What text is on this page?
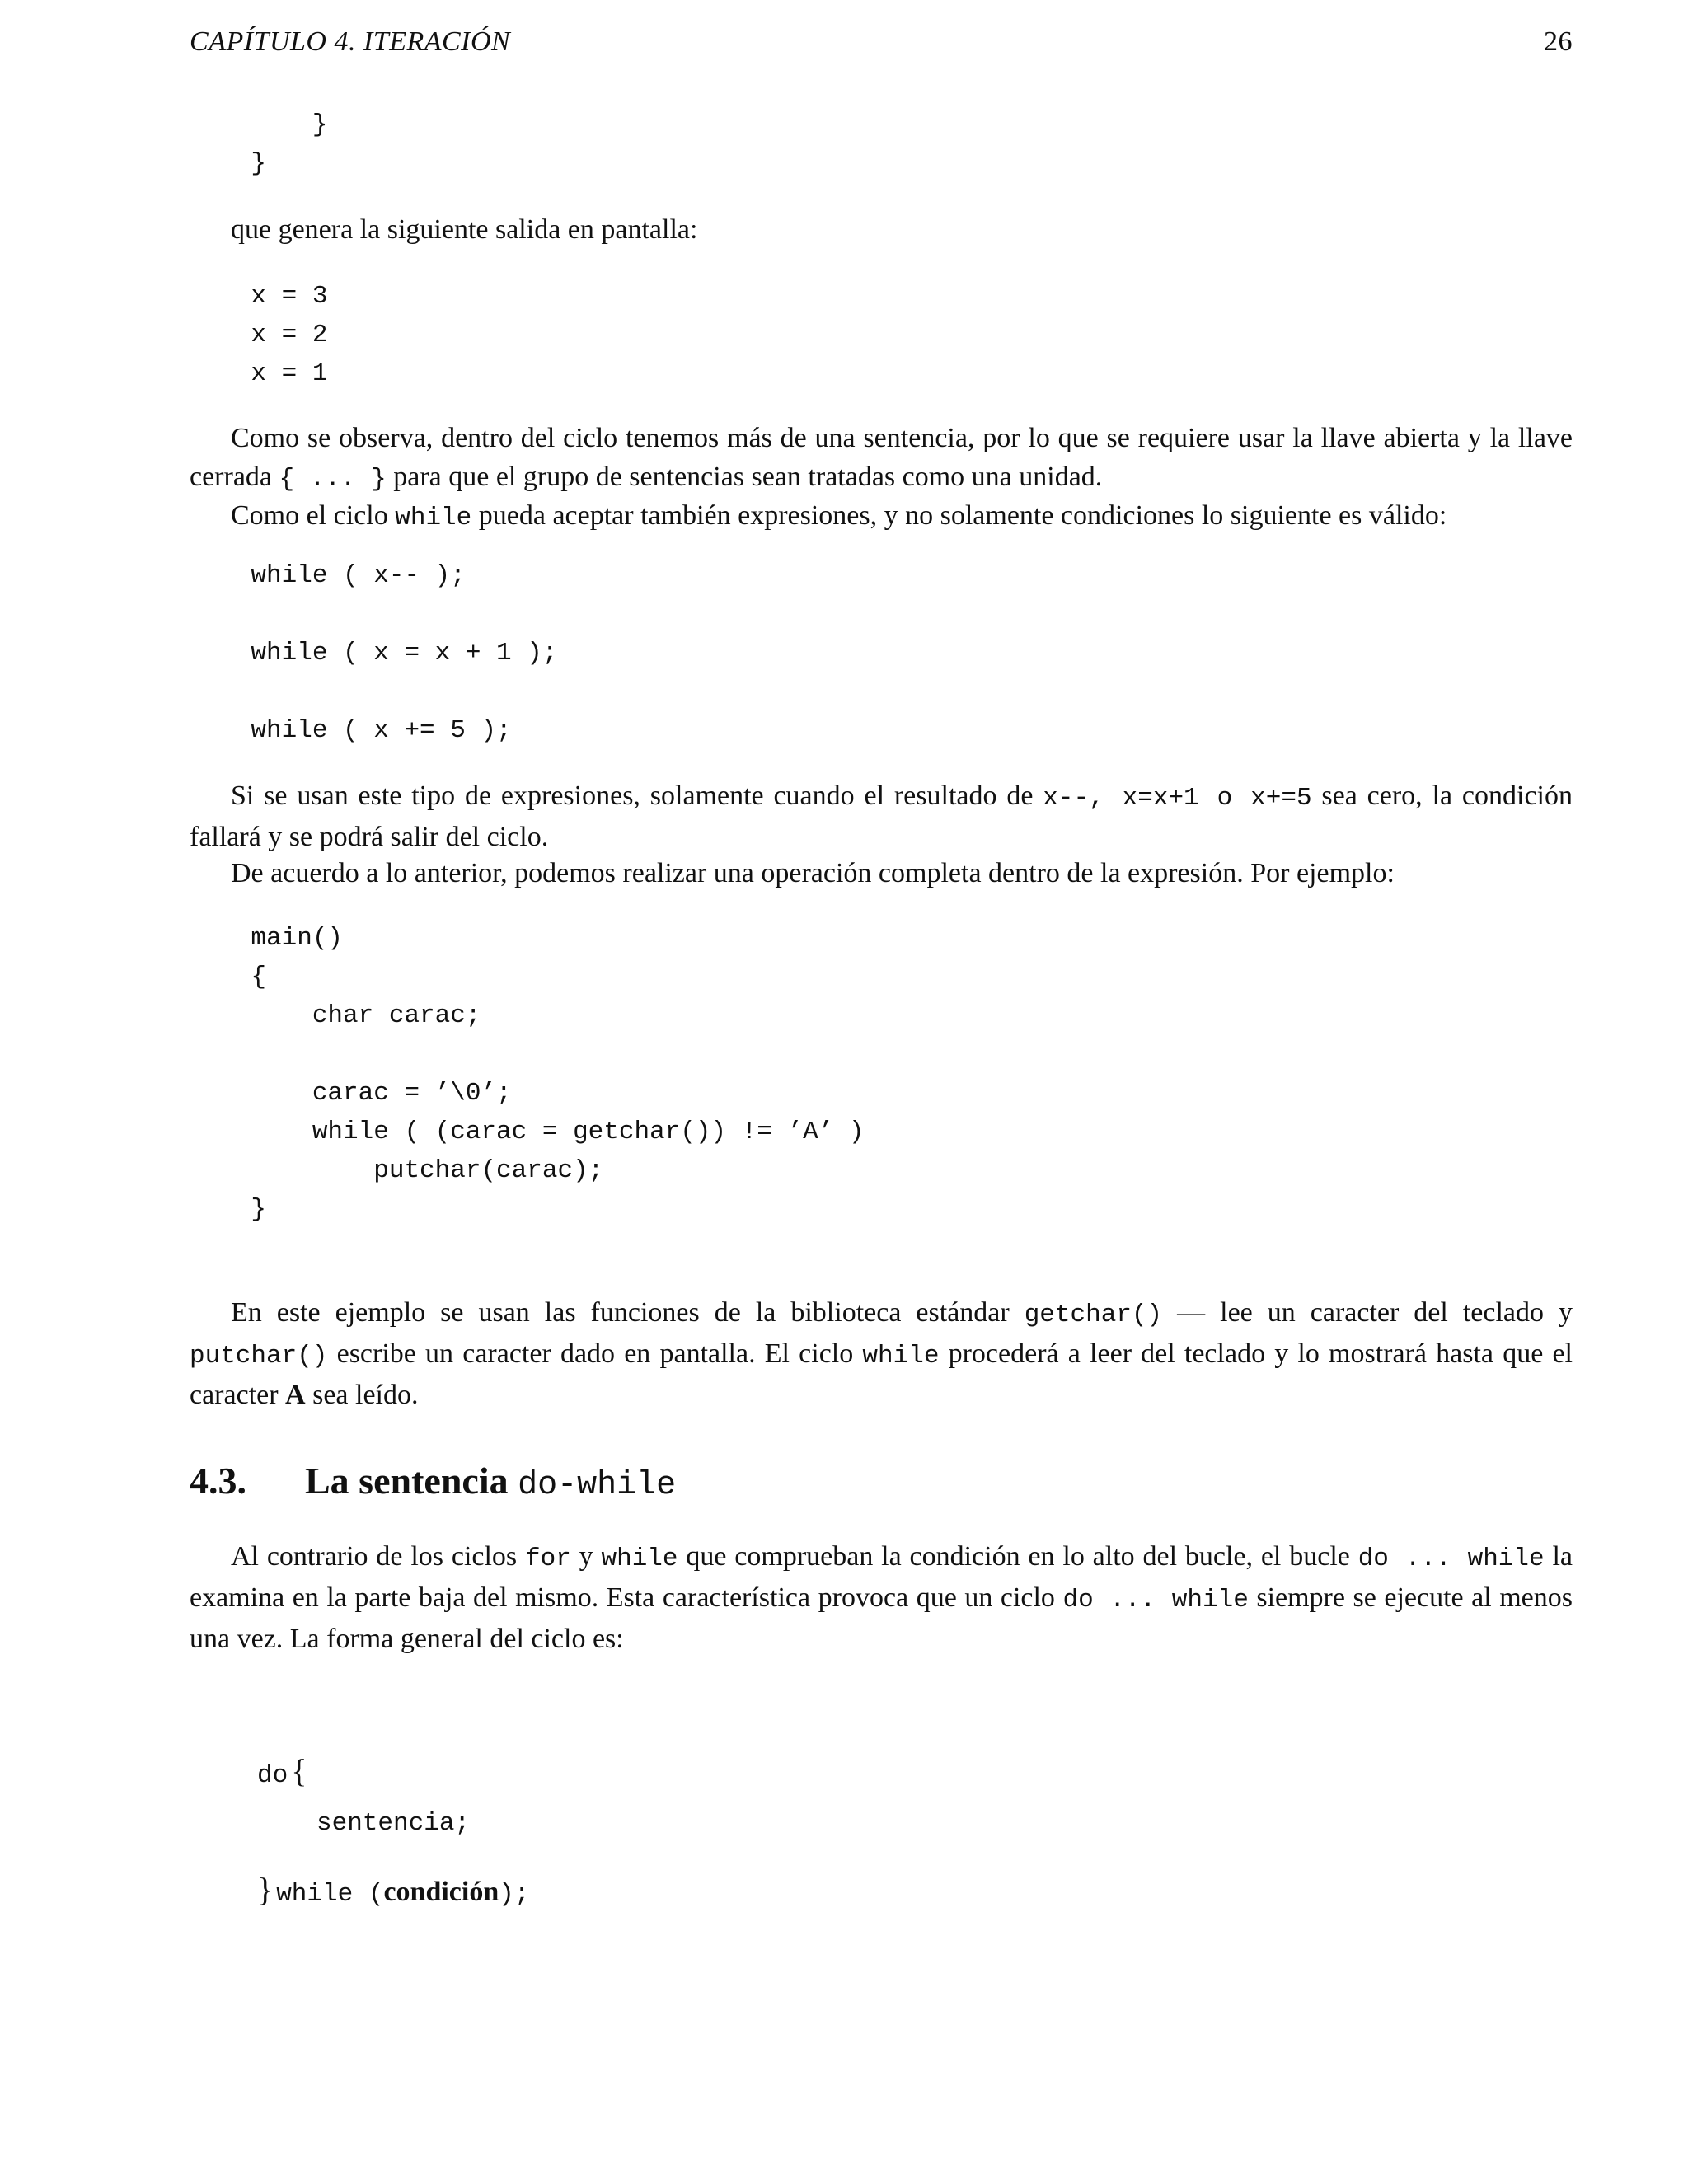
CAPÍTULO 4. ITERACIÓN	26
}
}

que genera la siguiente salida en pantalla:

x = 3
x = 2
x = 1

Como se observa, dentro del ciclo tenemos más de una sentencia, por lo que se requiere usar la llave abierta y la llave cerrada { ... } para que el grupo de sentencias sean tratadas como una unidad.

Como el ciclo while pueda aceptar también expresiones, y no solamente condiciones lo siguiente es válido:

while ( x-- );

while ( x = x + 1 );

while ( x += 5 );

Si se usan este tipo de expresiones, solamente cuando el resultado de x--, x=x+1 o x+=5 sea cero, la condición fallará y se podrá salir del ciclo.

De acuerdo a lo anterior, podemos realizar una operación completa dentro de la expresión. Por ejemplo:

main()
{
char carac;

carac = ’\0’;
while ( (carac = getchar()) != ’A’ )
putchar(carac);
}

En este ejemplo se usan las funciones de la biblioteca estándar getchar() — lee un caracter del teclado y putchar() escribe un caracter dado en pantalla. El ciclo while procederá a leer del teclado y lo mostrará hasta que el caracter A sea leído.

4.3. La sentencia do-while

Al contrario de los ciclos for y while que comprueban la condición en lo alto del bucle, el bucle do ... while la examina en la parte baja del mismo. Esta característica provoca que un ciclo do ... while siempre se ejecute al menos una vez. La forma general del ciclo es:

do {
sentencia;
} while (condición);
